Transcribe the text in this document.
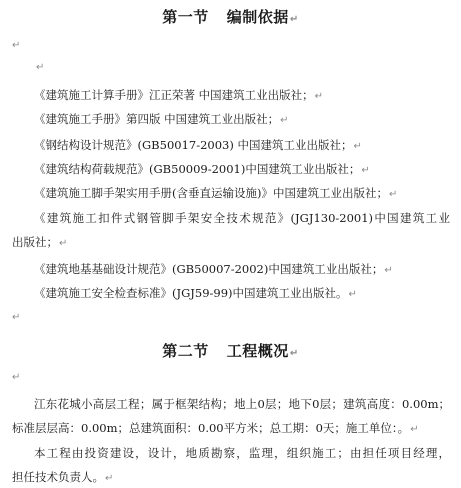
第一节 编制依据↵
↵
↵
《建筑施工计算手册》江正荣著 中国建筑工业出版社；↵
《建筑施工手册》第四版 中国建筑工业出版社；↵
《钢结构设计规范》(GB50017-2003) 中国建筑工业出版社；↵
《建筑结构荷载规范》(GB50009-2001)中国建筑工业出版社；↵
《建筑施工脚手架实用手册(含垂直运输设施)》中国建筑工业出版社；↵
《建筑施工扣件式钢管脚手架安全技术规范》(JGJ130-2001)中国建筑工业
出版社；↵
《建筑地基基础设计规范》(GB50007-2002)中国建筑工业出版社；↵
《建筑施工安全检查标准》(JGJ59-99)中国建筑工业出版社。↵
↵
第二节 工程概况↵
↵
江东花城小高层工程；属于框架结构；地上0层；地下0层；建筑高度：0.00m；
标准层层高：0.00m；总建筑面积：0.00平方米；总工期：0天；施工单位：。↵
本工程由投资建设，设计，地质勘察，监理，组织施工；由担任项目经理，
担任技术负责人。↵
